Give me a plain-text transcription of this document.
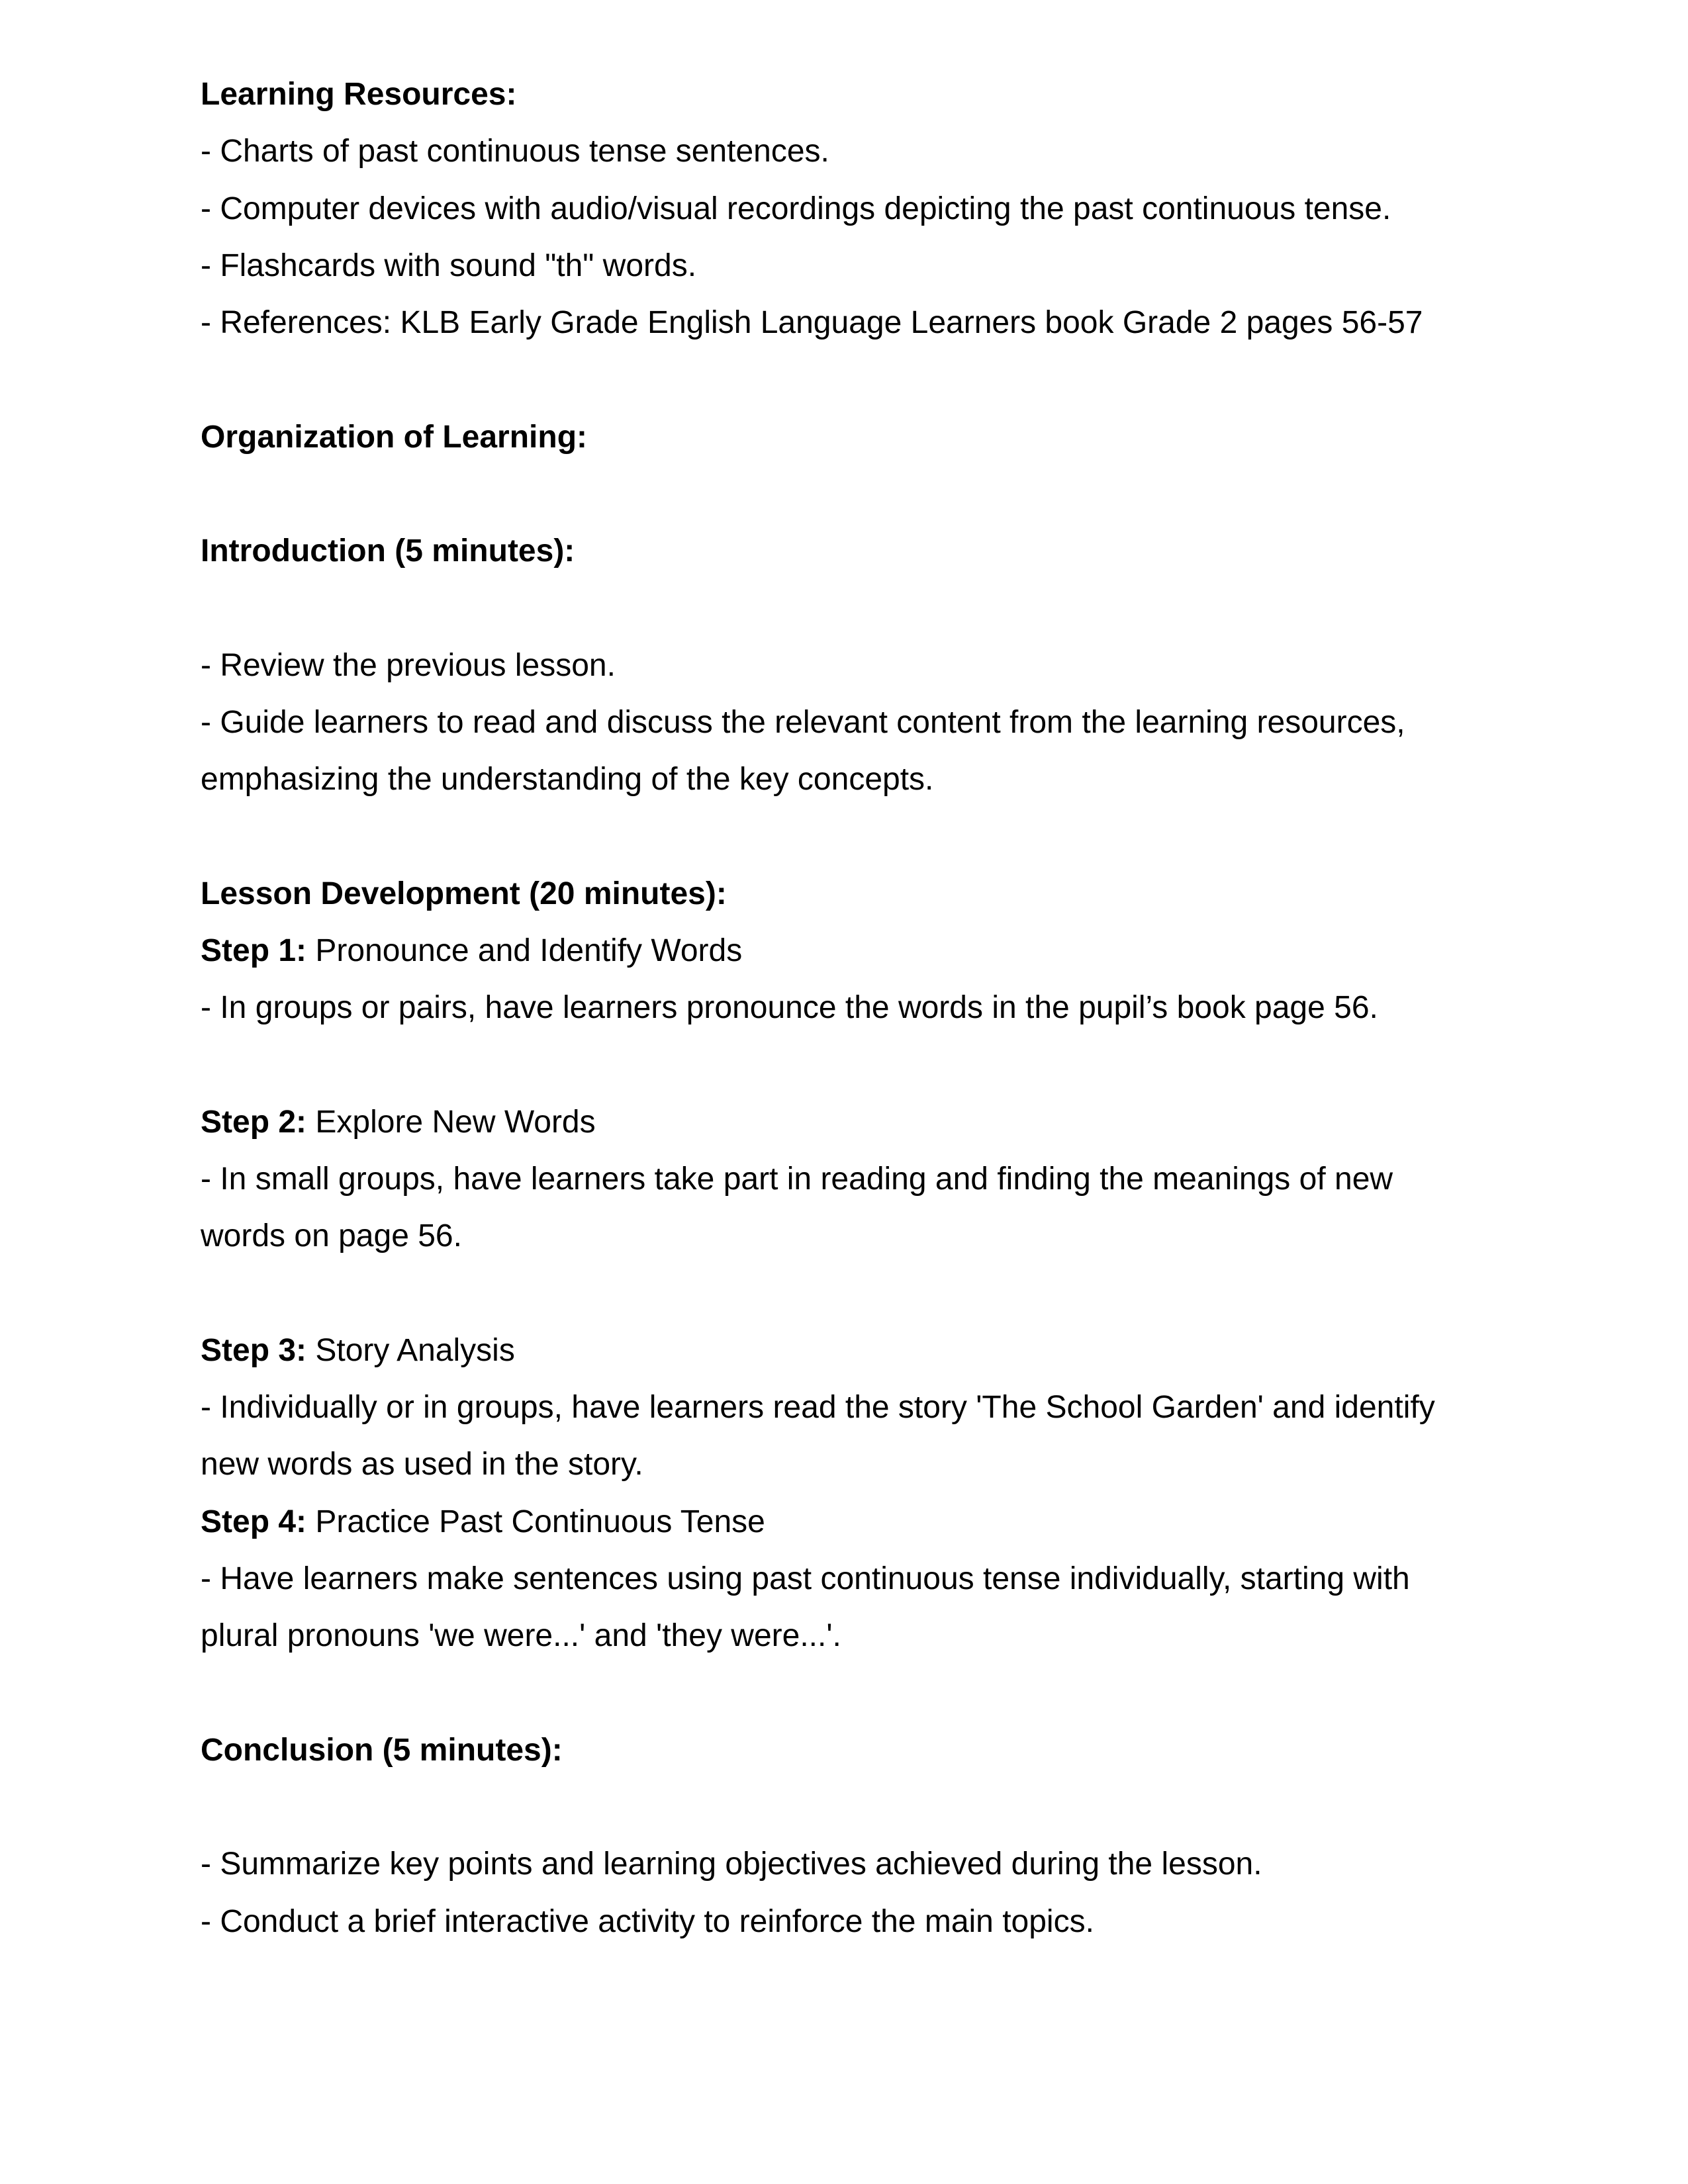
Learning Resources:
- Charts of past continuous tense sentences.
- Computer devices with audio/visual recordings depicting the past continuous tense.
- Flashcards with sound "th" words.
- References: KLB Early Grade English Language Learners book Grade 2 pages 56-57
Organization of Learning:
Introduction (5 minutes):
- Review the previous lesson.
- Guide learners to read and discuss the relevant content from the learning resources,
emphasizing the understanding of the key concepts.
Lesson Development (20 minutes):
Step 1: Pronounce and Identify Words
- In groups or pairs, have learners pronounce the words in the pupil’s book page 56.
Step 2: Explore New Words
- In small groups, have learners take part in reading and finding the meanings of new
words on page 56.
Step 3: Story Analysis
- Individually or in groups, have learners read the story 'The School Garden' and identify
new words as used in the story.
Step 4: Practice Past Continuous Tense
- Have learners make sentences using past continuous tense individually, starting with
plural pronouns 'we were...' and 'they were...'.
Conclusion (5 minutes):
- Summarize key points and learning objectives achieved during the lesson.
- Conduct a brief interactive activity to reinforce the main topics.
